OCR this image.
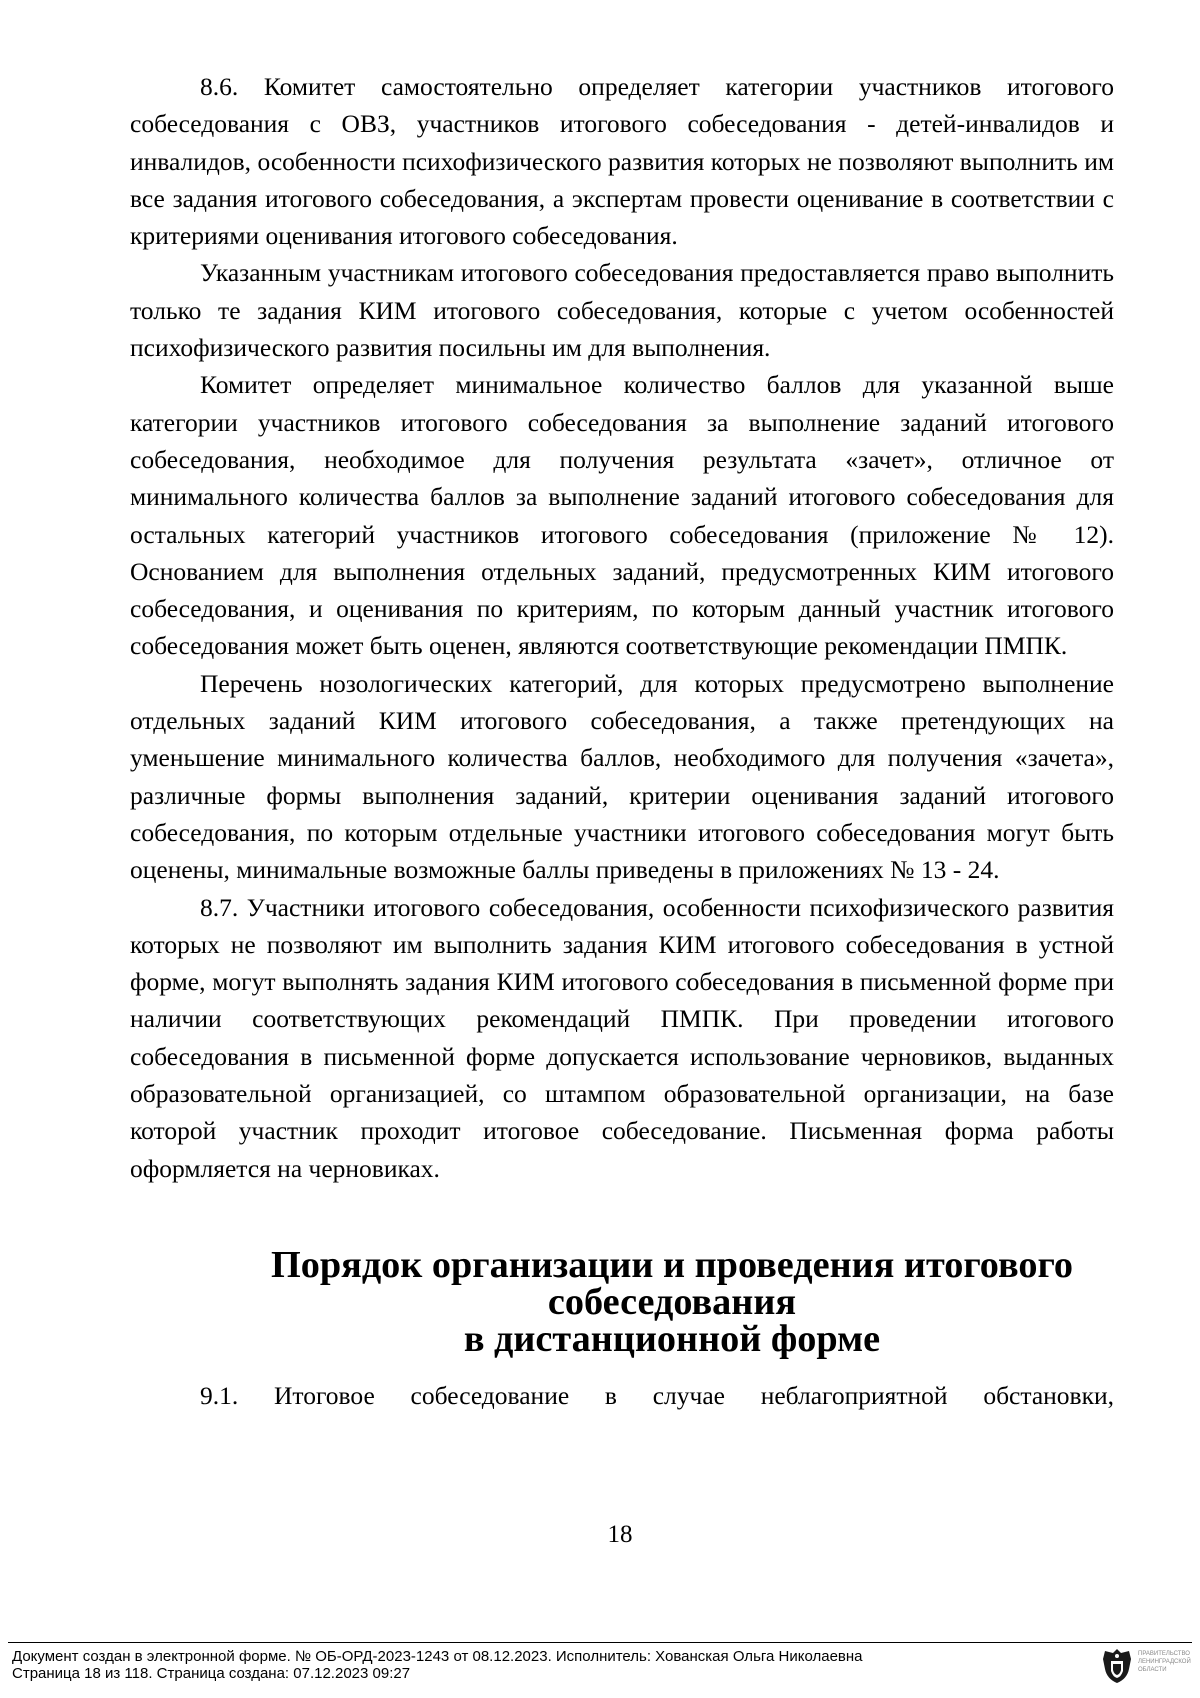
8.6. Комитет самостоятельно определяет категории участников итогового собеседования с ОВЗ, участников итогового собеседования - детей-инвалидов и инвалидов, особенности психофизического развития которых не позволяют выполнить им все задания итогового собеседования, а экспертам провести оценивание в соответствии с критериями оценивания итогового собеседования.

Указанным участникам итогового собеседования предоставляется право выполнить только те задания КИМ итогового собеседования, которые с учетом особенностей психофизического развития посильны им для выполнения.

Комитет определяет минимальное количество баллов для указанной выше категории участников итогового собеседования за выполнение заданий итогового собеседования, необходимое для получения результата «зачет», отличное от минимального количества баллов за выполнение заданий итогового собеседования для остальных категорий участников итогового собеседования (приложение № 12). Основанием для выполнения отдельных заданий, предусмотренных КИМ итогового собеседования, и оценивания по критериям, по которым данный участник итогового собеседования может быть оценен, являются соответствующие рекомендации ПМПК.

Перечень нозологических категорий, для которых предусмотрено выполнение отдельных заданий КИМ итогового собеседования, а также претендующих на уменьшение минимального количества баллов, необходимого для получения «зачета», различные формы выполнения заданий, критерии оценивания заданий итогового собеседования, по которым отдельные участники итогового собеседования могут быть оценены, минимальные возможные баллы приведены в приложениях № 13 - 24.

8.7. Участники итогового собеседования, особенности психофизического развития которых не позволяют им выполнить задания КИМ итогового собеседования в устной форме, могут выполнять задания КИМ итогового собеседования в письменной форме при наличии соответствующих рекомендаций ПМПК. При проведении итогового собеседования в письменной форме допускается использование черновиков, выданных образовательной организацией, со штампом образовательной организации, на базе которой участник проходит итоговое собеседование. Письменная форма работы оформляется на черновиках.

Порядок организации и проведения итогового собеседования
в дистанционной форме

9.1. Итоговое собеседование в случае неблагоприятной обстановки,

18
Документ создан в электронной форме. № ОБ-ОРД-2023-1243 от 08.12.2023. Исполнитель: Хованская Ольга Николаевна
Страница 18 из 118. Страница создана: 07.12.2023 09:27
ПРАВИТЕЛЬСТВО
ЛЕНИНГРАДСКОЙ
ОБЛАСТИ
